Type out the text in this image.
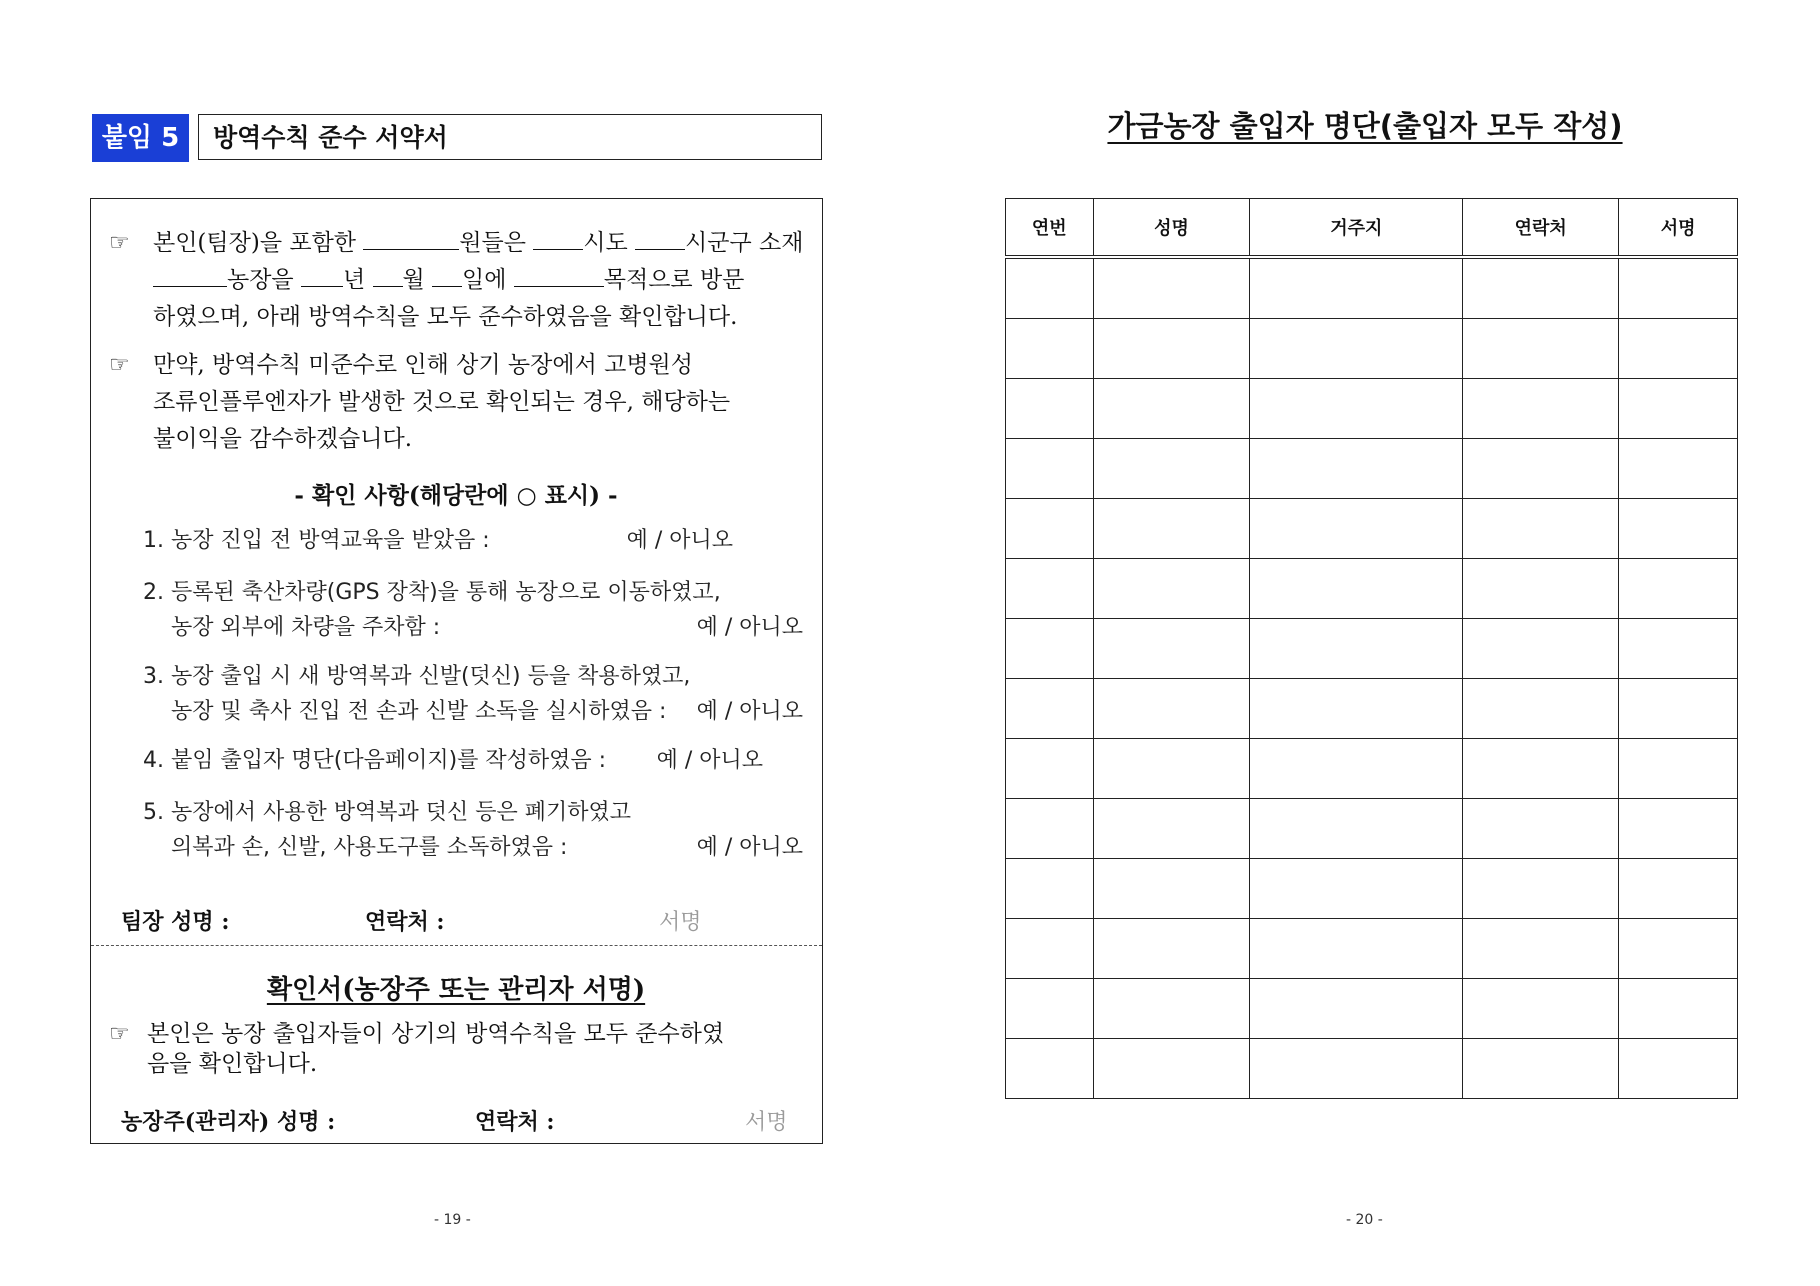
붙임 5	방역수칙 준수 서약서
☞ 본인(팀장)을 포함한	원들은 시도 시군구 소재
농장을 년 월 일에	목적으로 방문
하였으며, 아래 방역수칙을 모두 준수하였음을 확인합니다.
☞ 만약, 방역수칙 미준수로 인해 상기 농장에서 고병원성
조류인플루엔자가 발생한 것으로 확인되는 경우, 해당하는
불이익을 감수하겠습니다.
- 확인 사항(해당란에 ○ 표시) -
1. 농장 진입 전 방역교육을 받았음 :	예 / 아니오
2. 등록된 축산차량(GPS 장착)을 통해 농장으로 이동하였고,
농장 외부에 차량을 주차함 :	예 / 아니오
3. 농장 출입 시 새 방역복과 신발(덧신) 등을 착용하였고,
농장 및 축사 진입 전 손과 신발 소독을 실시하였음 : 예 / 아니오
4. 붙임 출입자 명단(다음페이지)를 작성하였음 : 예 / 아니오
5. 농장에서 사용한 방역복과 덧신 등은 폐기하였고
의복과 손, 신발, 사용도구를 소독하였음 :	예 / 아니오
팀장 성명 :	연락처 :	서명
확인서(농장주 또는 관리자 서명)
☞ 본인은 농장 출입자들이 상기의 방역수칙을 모두 준수하였
음을 확인합니다.
농장주(관리자) 성명 :	연락처 :	서명
- 19 -
가금농장 출입자 명단(출입자 모두 작성)
연번	성명	거주지	연락처	서명

- 20 -
